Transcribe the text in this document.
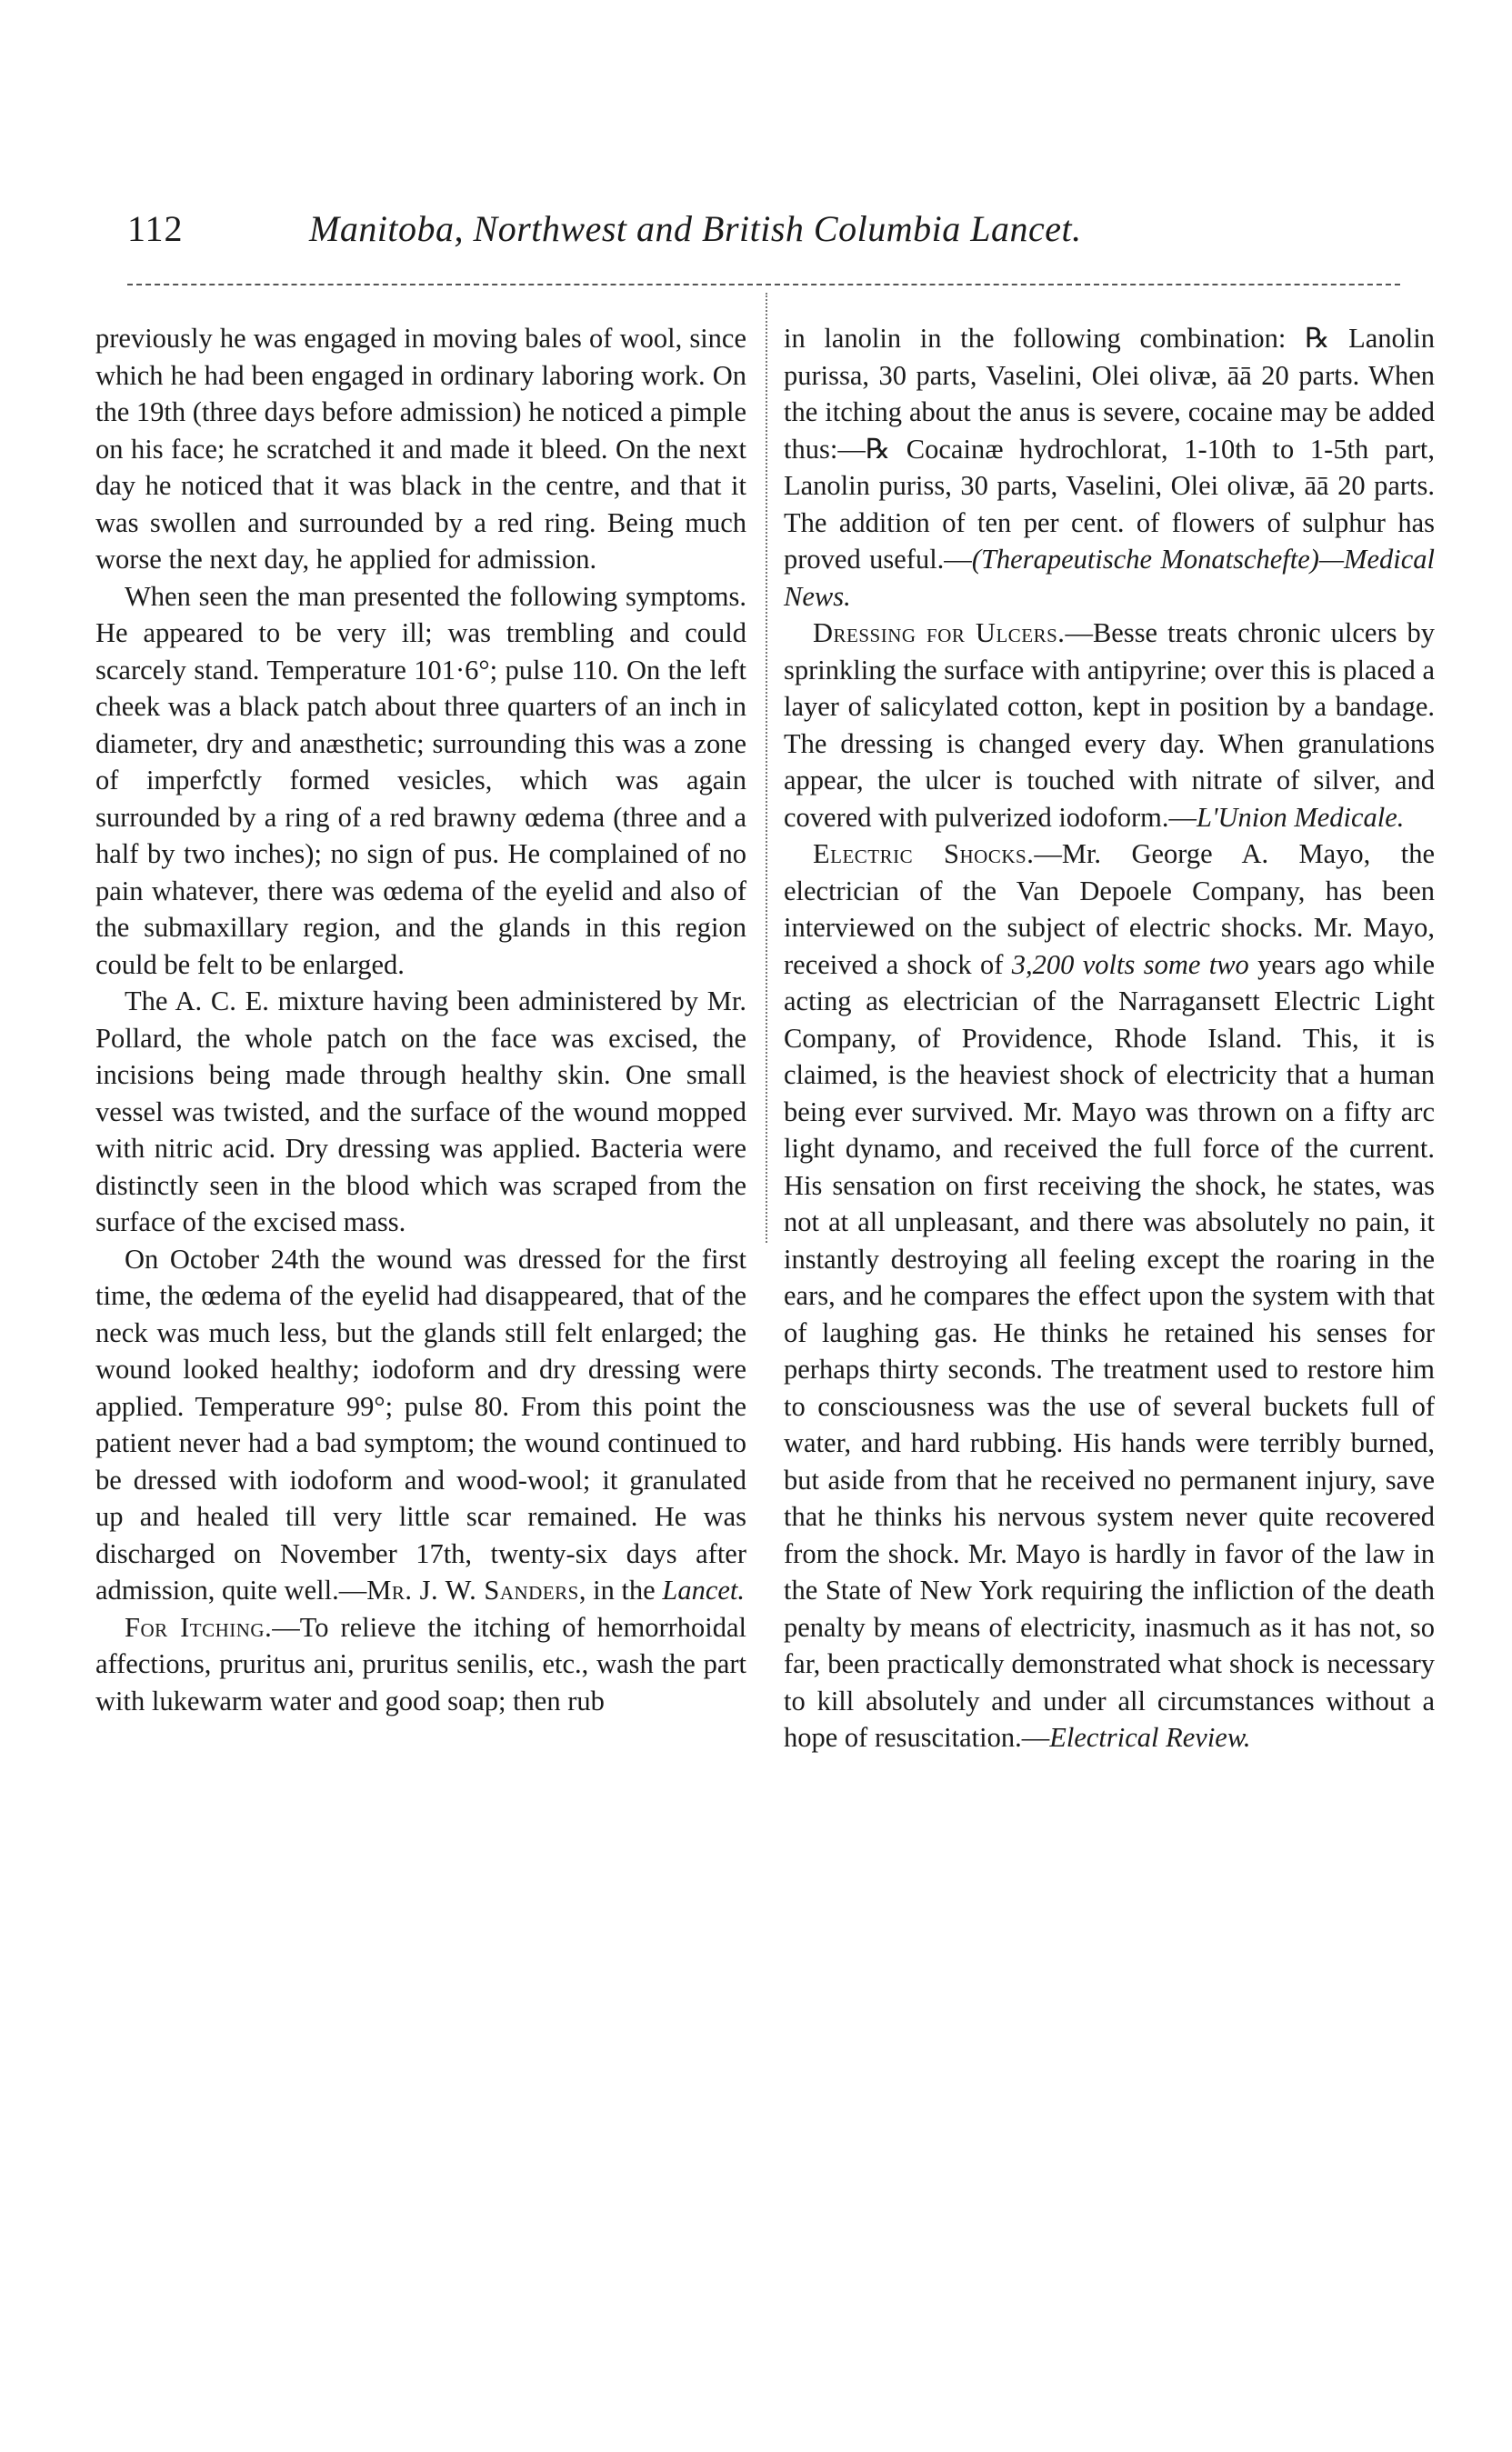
112	Manitoba, Northwest and British Columbia Lancet.

previously he was engaged in moving bales of wool, since which he had been engaged in ordinary laboring work. On the 19th (three days before admission) he noticed a pimple on his face; he scratched it and made it bleed. On the next day he noticed that it was black in the centre, and that it was swollen and surrounded by a red ring. Being much worse the next day, he applied for admission.

When seen the man presented the following symptoms. He appeared to be very ill; was trembling and could scarcely stand. Temperature 101·6°; pulse 110. On the left cheek was a black patch about three quarters of an inch in diameter, dry and anæsthetic; surrounding this was a zone of imperfctly formed vesicles, which was again surrounded by a ring of a red brawny œdema (three and a half by two inches); no sign of pus. He complained of no pain whatever, there was œdema of the eyelid and also of the submaxillary region, and the glands in this region could be felt to be enlarged.

The A. C. E. mixture having been administered by Mr. Pollard, the whole patch on the face was excised, the incisions being made through healthy skin. One small vessel was twisted, and the surface of the wound mopped with nitric acid. Dry dressing was applied. Bacteria were distinctly seen in the blood which was scraped from the surface of the excised mass.

On October 24th the wound was dressed for the first time, the œdema of the eyelid had disappeared, that of the neck was much less, but the glands still felt enlarged; the wound looked healthy; iodoform and dry dressing were applied. Temperature 99°; pulse 80. From this point the patient never had a bad symptom; the wound continued to be dressed with iodoform and wood-wool; it granulated up and healed till very little scar remained. He was discharged on November 17th, twenty-six days after admission, quite well.—Mr. J. W. Sanders, in the Lancet.

For Itching.—To relieve the itching of hemorrhoidal affections, pruritus ani, pruritus senilis, etc., wash the part with lukewarm water and good soap; then rub

in lanolin in the following combination: ℞ Lanolin purissa, 30 parts, Vaselini, Olei olivæ, āā 20 parts. When the itching about the anus is severe, cocaine may be added thus:—℞ Cocainæ hydrochlorat, 1-10th to 1-5th part, Lanolin puriss, 30 parts, Vaselini, Olei olivæ, āā 20 parts. The addition of ten per cent. of flowers of sulphur has proved useful.—(Therapeutische Monatschefte)—Medical News.

Dressing for Ulcers.—Besse treats chronic ulcers by sprinkling the surface with antipyrine; over this is placed a layer of salicylated cotton, kept in position by a bandage. The dressing is changed every day. When granulations appear, the ulcer is touched with nitrate of silver, and covered with pulverized iodoform.—L'Union Medicale.

Electric Shocks.—Mr. George A. Mayo, the electrician of the Van Depoele Company, has been interviewed on the subject of electric shocks. Mr. Mayo, received a shock of 3,200 volts some two years ago while acting as electrician of the Narragansett Electric Light Company, of Providence, Rhode Island. This, it is claimed, is the heaviest shock of electricity that a human being ever survived. Mr. Mayo was thrown on a fifty arc light dynamo, and received the full force of the current. His sensation on first receiving the shock, he states, was not at all unpleasant, and there was absolutely no pain, it instantly destroying all feeling except the roaring in the ears, and he compares the effect upon the system with that of laughing gas. He thinks he retained his senses for perhaps thirty seconds. The treatment used to restore him to consciousness was the use of several buckets full of water, and hard rubbing. His hands were terribly burned, but aside from that he received no permanent injury, save that he thinks his nervous system never quite recovered from the shock. Mr. Mayo is hardly in favor of the law in the State of New York requiring the infliction of the death penalty by means of electricity, inasmuch as it has not, so far, been practically demonstrated what shock is necessary to kill absolutely and under all circumstances without a hope of resuscitation.—Electrical Review.
